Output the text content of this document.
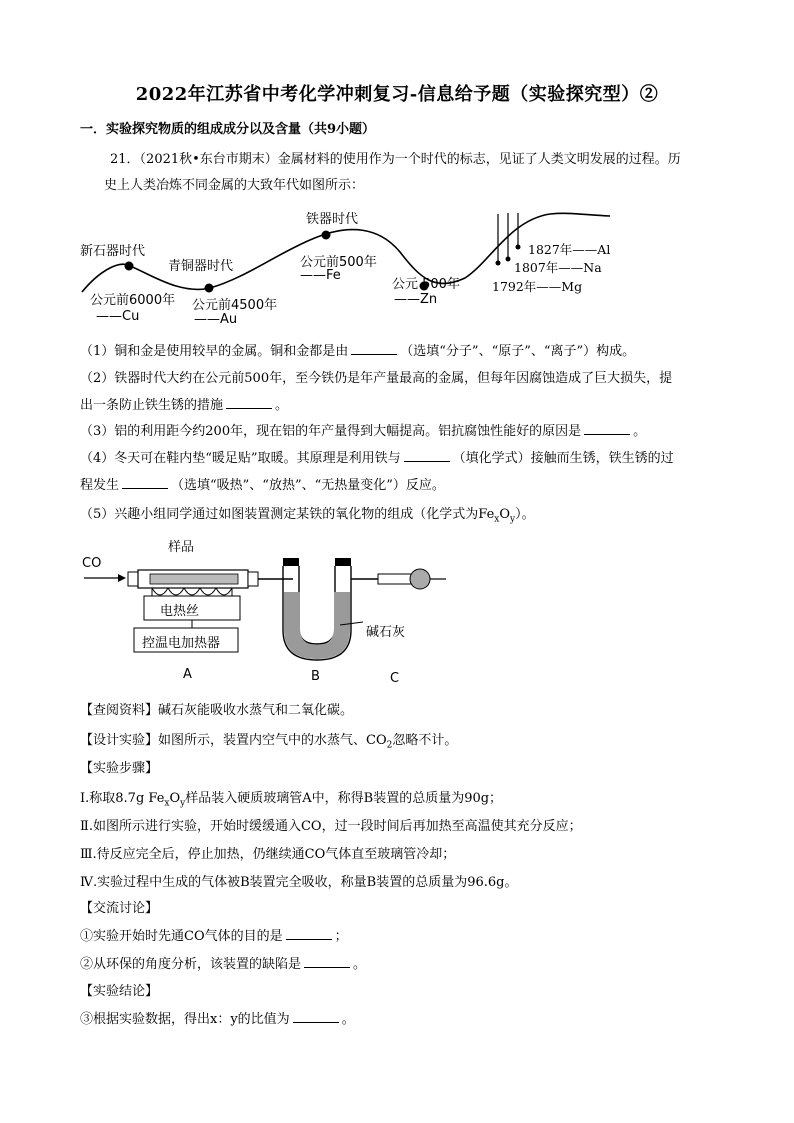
2022年江苏省中考化学冲刺复习-信息给予题（实验探究型）②
一．实验探究物质的组成成分以及含量（共9小题）
21．（2021秋•东台市期末）金属材料的使用作为一个时代的标志，见证了人类文明发展的过程。历
史上人类冶炼不同金属的大致年代如图所示：
新石器时代
青铜器时代
铁器时代
公元前6000年
——Cu
公元前4500年
——Au
公元前500年
——Fe
公元 500年
——Zn
1827年——Al
1807年——Na
1792年——Mg
（1）铜和金是使用较早的金属。铜和金都是由	（选填“分子”、“原子”、“离子”）构成。
（2）铁器时代大约在公元前500年，至今铁仍是年产量最高的金属，但每年因腐蚀造成了巨大损失，提
出一条防止铁生锈的措施	。
（3）铝的利用距今约200年，现在铝的年产量得到大幅提高。铝抗腐蚀性能好的原因是	。
（4）冬天可在鞋内垫“暖足贴”取暖。其原理是利用铁与	（填化学式）接触而生锈，铁生锈的过
程发生	（选填“吸热”、“放热”、“无热量变化”）反应。
（5）兴趣小组同学通过如图装置测定某铁的氧化物的组成（化学式为$Fe_xO_y$）。
CO
样品
电热丝
控温电加热器
碱石灰
A	B	C
【查阅资料】碱石灰能吸收水蒸气和二氧化碳。
【设计实验】如图所示，装置内空气中的水蒸气、$CO_2$忽略不计。
【实验步骤】
Ⅰ.称取8.7g $Fe_xO_y$样品装入硬质玻璃管A中，称得B装置的总质量为90g；
Ⅱ.如图所示进行实验，开始时缓缓通入CO，过一段时间后再加热至高温使其充分反应；
Ⅲ.待反应完全后，停止加热，仍继续通CO气体直至玻璃管冷却；
Ⅳ.实验过程中生成的气体被B装置完全吸收，称量B装置的总质量为96.6g。
【交流讨论】
①实验开始时先通CO气体的目的是	；
②从环保的角度分析，该装置的缺陷是	。
【实验结论】
③根据实验数据，得出x：y的比值为	。
